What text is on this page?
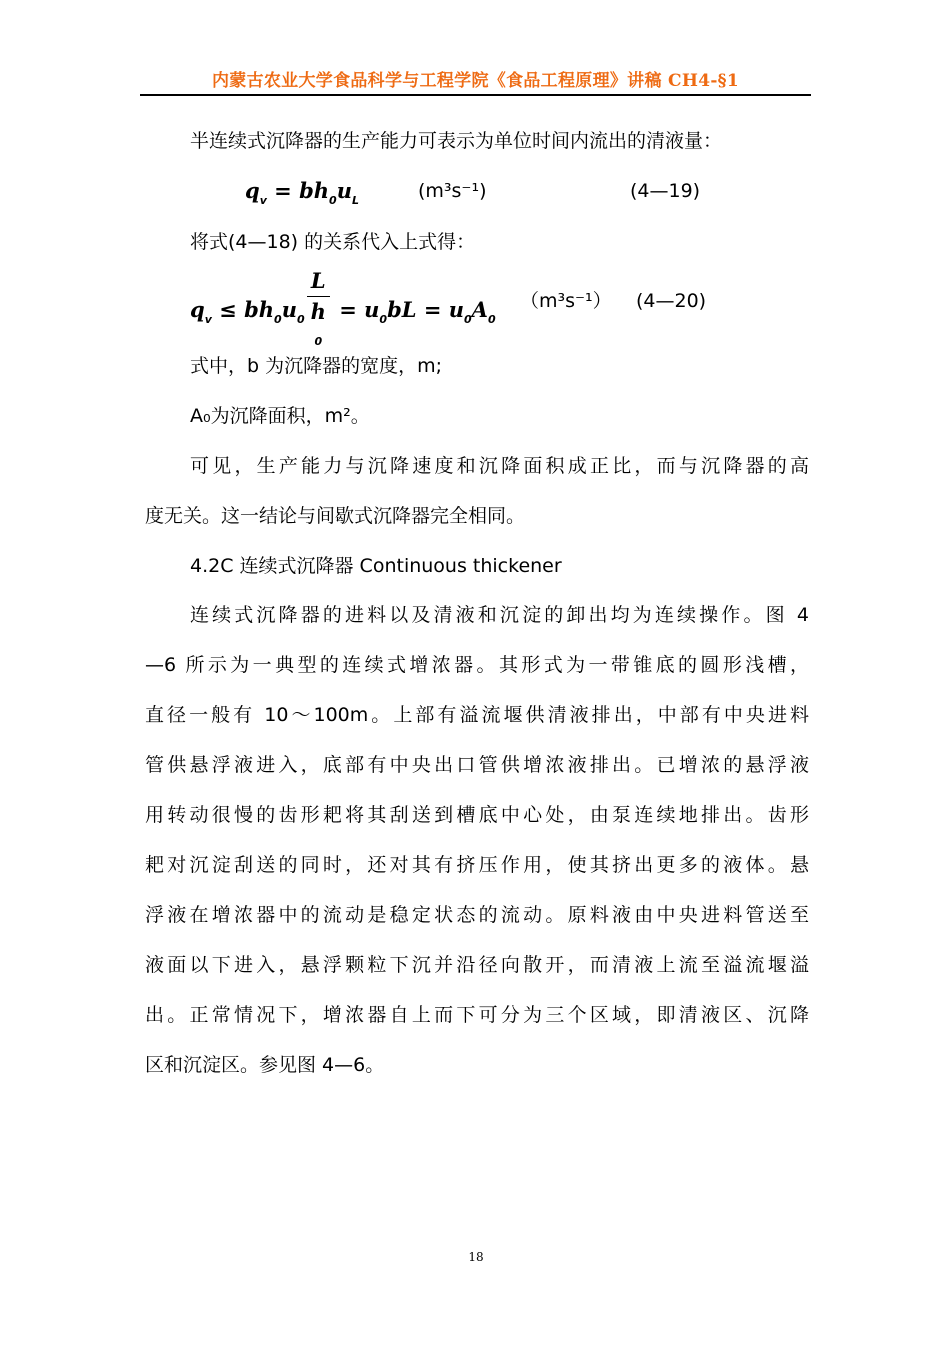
内蒙古农业大学食品科学与工程学院《食品工程原理》讲稿 CH4-§1
半连续式沉降器的生产能力可表示为单位时间内流出的清液量：
$q_v = bh_0u_L$	(m³s⁻¹)	(4—19)
将式(4—18) 的关系代入上式得：
$q_v \le bh_0u_0$ L
h
$0 = u_0bL = u_0A_0$
（m³s⁻¹） (4—20)
式中，b 为沉降器的宽度，m;
A₀为沉降面积，m²。
可见，生产能力与沉降速度和沉降面积成正比，而与沉降器的高
度无关。这一结论与间歇式沉降器完全相同。
4.2C 连续式沉降器 Continuous thickener
连续式沉降器的进料以及清液和沉淀的卸出均为连续操作。图 4
—6 所示为一典型的连续式增浓器。其形式为一带锥底的圆形浅槽，
直径一般有 10～100m。上部有溢流堰供清液排出，中部有中央进料
管供悬浮液进入，底部有中央出口管供增浓液排出。已增浓的悬浮液
用转动很慢的齿形耙将其刮送到槽底中心处，由泵连续地排出。齿形
耙对沉淀刮送的同时，还对其有挤压作用，使其挤出更多的液体。悬
浮液在增浓器中的流动是稳定状态的流动。原料液由中央进料管送至
液面以下进入，悬浮颗粒下沉并沿径向散开，而清液上流至溢流堰溢
出。正常情况下，增浓器自上而下可分为三个区域，即清液区、沉降
区和沉淀区。参见图 4—6。
18
